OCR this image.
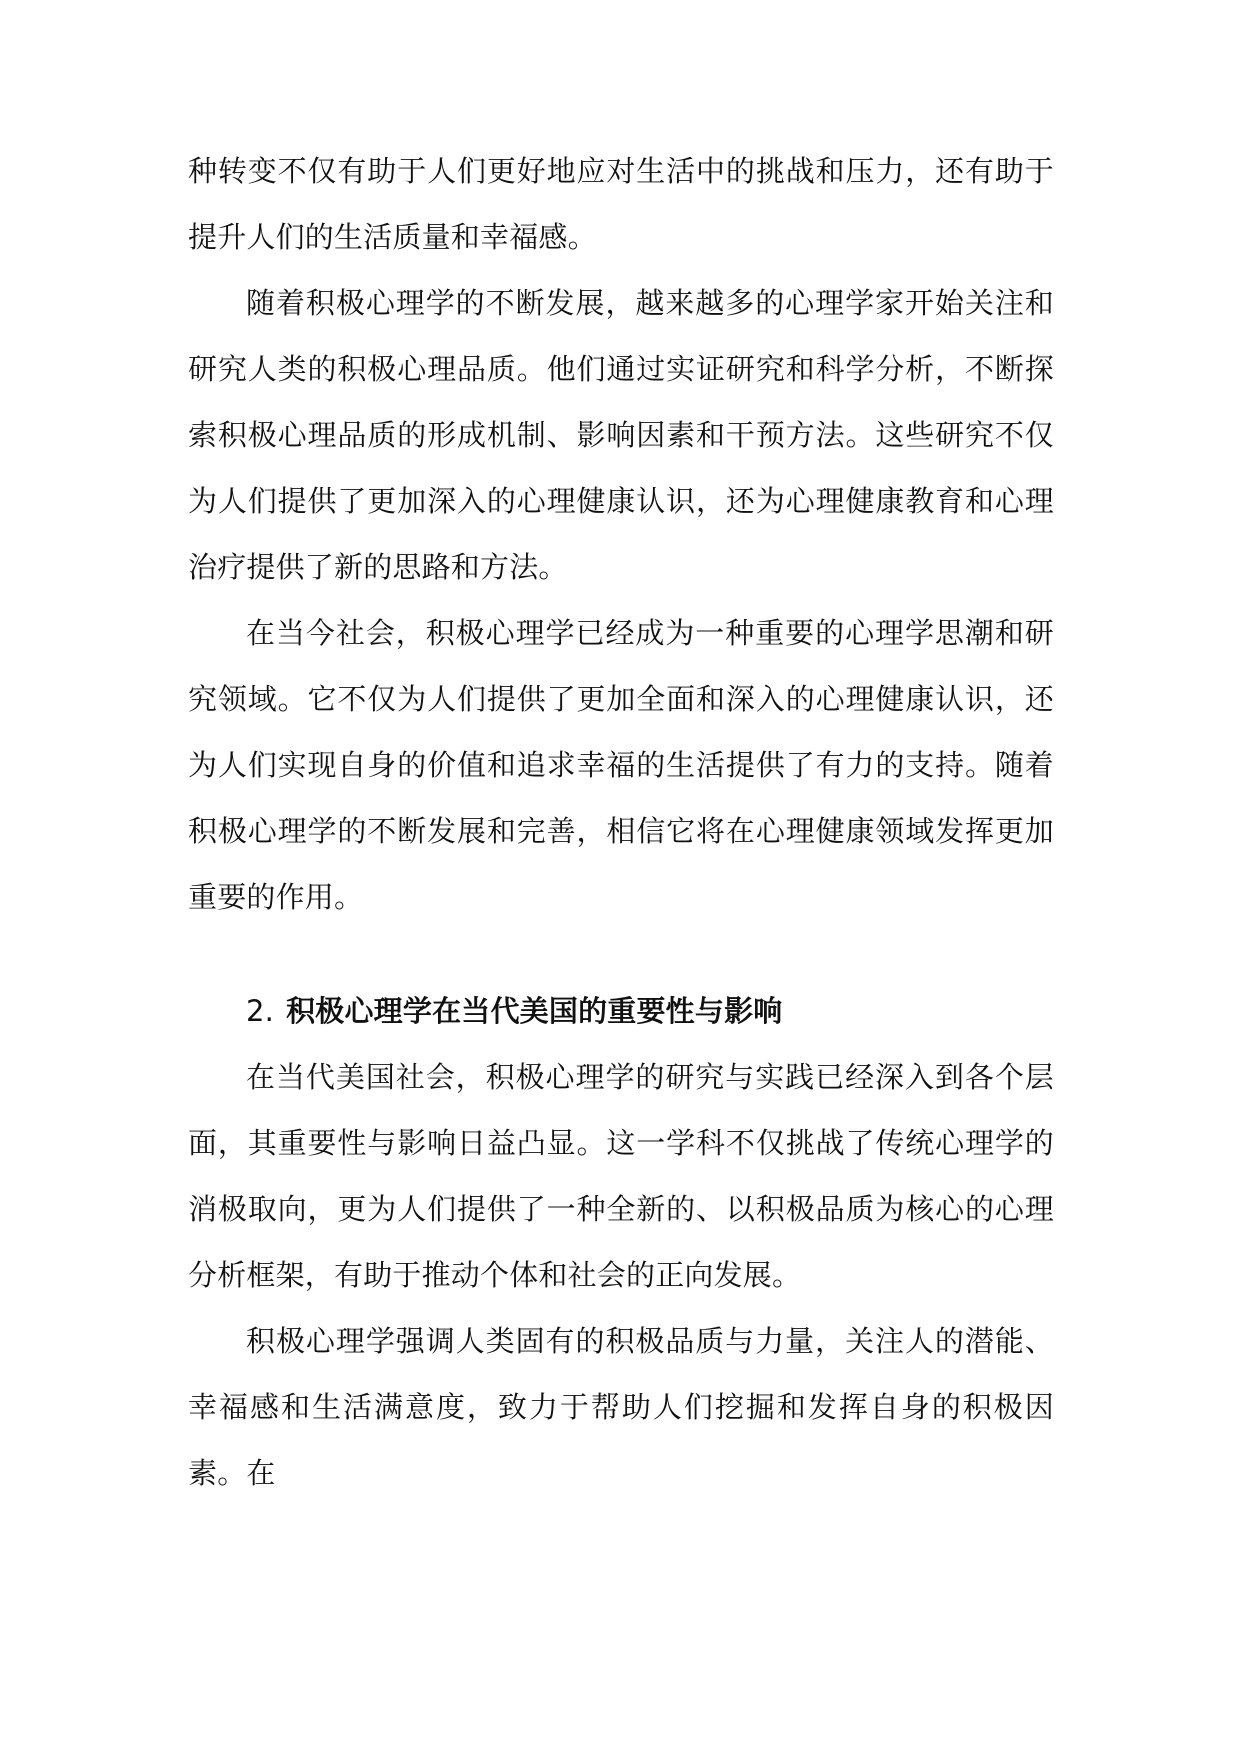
种转变不仅有助于人们更好地应对生活中的挑战和压力，还有助于提升人们的生活质量和幸福感。

随着积极心理学的不断发展，越来越多的心理学家开始关注和研究人类的积极心理品质。他们通过实证研究和科学分析，不断探索积极心理品质的形成机制、影响因素和干预方法。这些研究不仅为人们提供了更加深入的心理健康认识，还为心理健康教育和心理治疗提供了新的思路和方法。

在当今社会，积极心理学已经成为一种重要的心理学思潮和研究领域。它不仅为人们提供了更加全面和深入的心理健康认识，还为人们实现自身的价值和追求幸福的生活提供了有力的支持。随着积极心理学的不断发展和完善，相信它将在心理健康领域发挥更加重要的作用。

2. 积极心理学在当代美国的重要性与影响

在当代美国社会，积极心理学的研究与实践已经深入到各个层面，其重要性与影响日益凸显。这一学科不仅挑战了传统心理学的消极取向，更为人们提供了一种全新的、以积极品质为核心的心理分析框架，有助于推动个体和社会的正向发展。

积极心理学强调人类固有的积极品质与力量，关注人的潜能、幸福感和生活满意度，致力于帮助人们挖掘和发挥自身的积极因素。在
